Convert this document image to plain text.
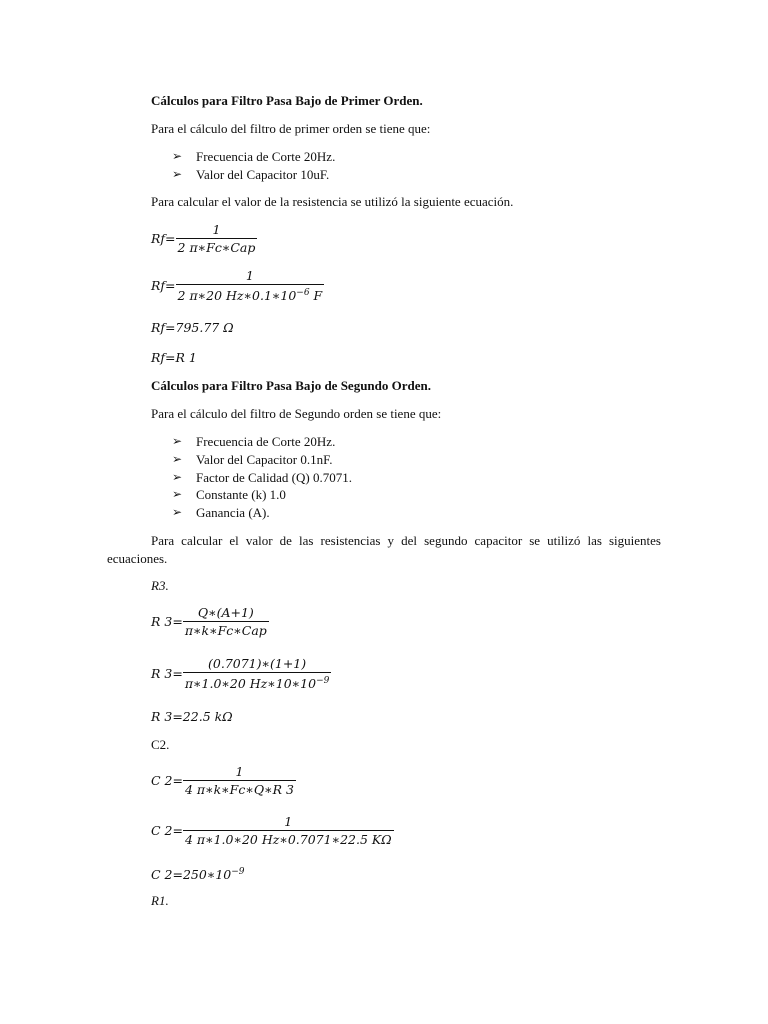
Cálculos para Filtro Pasa Bajo de Primer Orden.
Para el cálculo del filtro de primer orden se tiene que:
➢ Frecuencia de Corte 20Hz.
➢ Valor del Capacitor 10uF.
Para calcular el valor de la resistencia se utilizó la siguiente ecuación.
$Rf= \frac{1}{\text{2 π∗Fc∗Cap}}$
$Rf= \frac{1}{2 \pi∗20 Hz∗0.1∗10^{-6} F}$
Rf=795.77 Ω
Rf=R 1
Cálculos para Filtro Pasa Bajo de Segundo Orden.
Para el cálculo del filtro de Segundo orden se tiene que:
➢ Frecuencia de Corte 20Hz.
➢ Valor del Capacitor 0.1nF.
➢ Factor de Calidad (Q) 0.7071.
➢ Constante (k) 1.0
➢ Ganancia (A).
Para calcular el valor de las resistencias y del segundo capacitor se utilizó las siguientes
ecuaciones.
R3.
R $3= \frac{Q∗(A+1)}{\text{π∗k∗Fc∗Cap}}$
R $3= \frac{(0.7071)∗(1+1)}{\pi∗1.0∗20 Hz∗10∗10^{-9}}$
R 3=22.5 kΩ
C2.
C $2= \frac{1}{4 \pi∗k∗Fc∗Q∗R 3}$
C $2= \frac{1}{4 \pi∗1.0∗20 Hz∗0.7071∗22.5 K\Omega}$
C $2=250∗10^{-9}$
R1.
